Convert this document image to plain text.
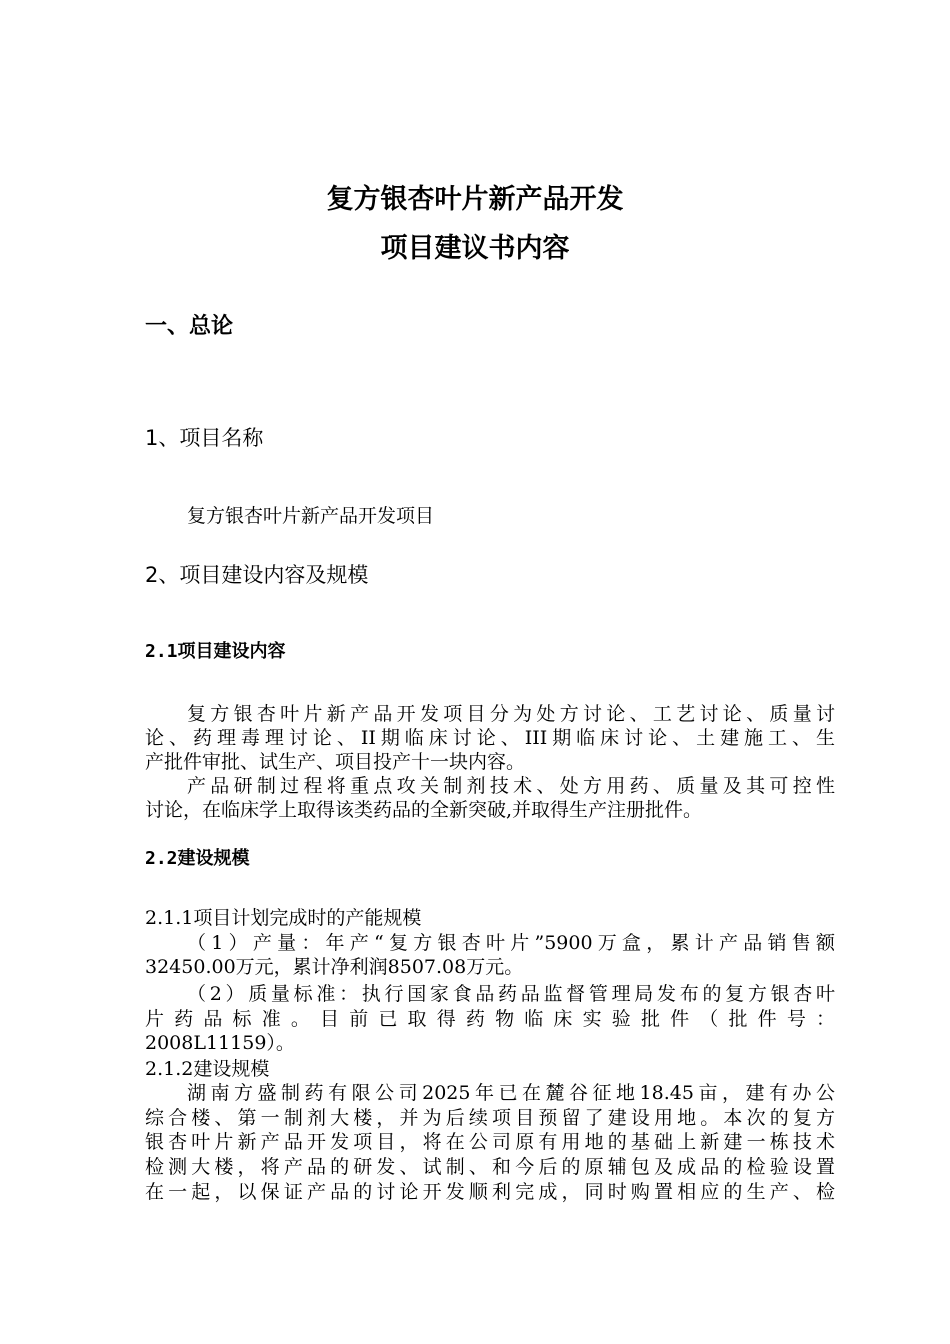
复方银杏叶片新产品开发
项目建议书内容
一、总论
1、项目名称
复方银杏叶片新产品开发项目
2、项目建设内容及规模
2.1项目建设内容
复方银杏叶片新产品开发项目分为处方讨论、工艺讨论、质量讨
论、药理毒理讨论、II期临床讨论、III期临床讨论、土建施工、生
产批件审批、试生产、项目投产十一块内容。
产品研制过程将重点攻关制剂技术、处方用药、质量及其可控性
讨论，在临床学上取得该类药品的全新突破,并取得生产注册批件。
2.2建设规模
2.1.1项目计划完成时的产能规模
（1）产量：年产“复方银杏叶片”5900万盒，累计产品销售额
32450.00万元，累计净利润8507.08万元。
（2）质量标准：执行国家食品药品监督管理局发布的复方银杏叶
片药品标准。目前已取得药物临床实验批件（批件号：
2008L11159）。
2.1.2建设规模
湖南方盛制药有限公司2025年已在麓谷征地18.45亩，建有办公
综合楼、第一制剂大楼，并为后续项目预留了建设用地。本次的复方
银杏叶片新产品开发项目，将在公司原有用地的基础上新建一栋技术
检测大楼，将产品的研发、试制、和今后的原辅包及成品的检验设置
在一起，以保证产品的讨论开发顺利完成，同时购置相应的生产、检
